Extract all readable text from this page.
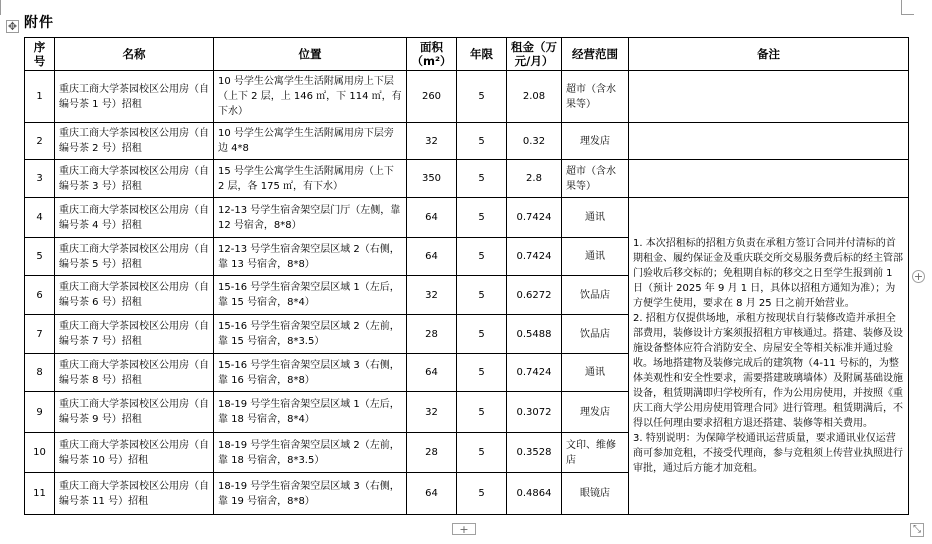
✥ 附件
序号	名称	位置	面积（m²）	年限	租金（万元/月）	经营范围	备注
1	重庆工商大学茶园校区公用房（自编号茶 1 号）招租	10 号学生公寓学生生活附属用房上下层（上下 2 层，上 146 ㎡，下 114 ㎡，有下水）	260	5	2.08	超市（含水果等）	
2	重庆工商大学茶园校区公用房（自编号茶 2 号）招租	10 号学生公寓学生生活附属用房下层旁边 4*8	32	5	0.32	理发店	
3	重庆工商大学茶园校区公用房（自编号茶 3 号）招租	15 号学生公寓学生生活附属用房（上下 2 层，各 175 ㎡，有下水）	350	5	2.8	超市（含水果等）	
4	重庆工商大学茶园校区公用房（自编号茶 4 号）招租	12-13 号学生宿舍架空层门厅（左侧，靠 12 号宿舍，8*8）	64	5	0.7424	通讯	1. 本次招租标的招租方负责在承租方签订合同并付清标的首期租金、履约保证金及重庆联交所交易服务费后标的经主管部门验收后移交标的；免租期自标的移交之日至学生报到前 1 日（预计 2025 年 9 月 1 日，具体以招租方通知为准）；为方便学生使用，要求在 8 月 25 日之前开始营业。

2. 招租方仅提供场地，承租方按现状自行装修改造并承担全部费用，装修设计方案须报招租方审核通过。搭建、装修及设施设备整体应符合消防安全、房屋安全等相关标准并通过验收。场地搭建物及装修完成后的建筑物（4-11 号标的，为整体美观性和安全性要求，需要搭建玻璃墙体）及附属基础设施设备，租赁期满即归学校所有，作为公用房使用，并按照《重庆工商大学公用房使用管理合同》进行管理。租赁期满后，不得以任何理由要求招租方退还搭建、装修等相关费用。

3. 特别说明：为保障学校通讯运营质量，要求通讯业仅运营商可参加竞租，不接受代理商，参与竞租须上传营业执照进行审批，通过后方能才加竞租。

5	重庆工商大学茶园校区公用房（自编号茶 5 号）招租	12-13 号学生宿舍架空层区域 2（右侧，靠 13 号宿舍，8*8）	64	5	0.7424	通讯	
6	重庆工商大学茶园校区公用房（自编号茶 6 号）招租	15-16 号学生宿舍架空层区域 1（左后，靠 15 号宿舍，8*4）	32	5	0.6272	饮品店	
7	重庆工商大学茶园校区公用房（自编号茶 7 号）招租	15-16 号学生宿舍架空层区域 2（左前，靠 15 号宿舍，8*3.5）	28	5	0.5488	饮品店	
8	重庆工商大学茶园校区公用房（自编号茶 8 号）招租	15-16 号学生宿舍架空层区域 3（右侧，靠 16 号宿舍，8*8）	64	5	0.7424	通讯	
9	重庆工商大学茶园校区公用房（自编号茶 9 号）招租	18-19 号学生宿舍架空层区域 1（左后，靠 18 号宿舍，8*4）	32	5	0.3072	理发店	
10	重庆工商大学茶园校区公用房（自编号茶 10 号）招租	18-19 号学生宿舍架空层区域 2（左前，靠 18 号宿舍，8*3.5）	28	5	0.3528	文印、维修店	
11	重庆工商大学茶园校区公用房（自编号茶 11 号）招租	18-19 号学生宿舍架空层区域 3（右侧，靠 19 号宿舍，8*8）	64	5	0.4864	眼镜店	
+
+	⤡
